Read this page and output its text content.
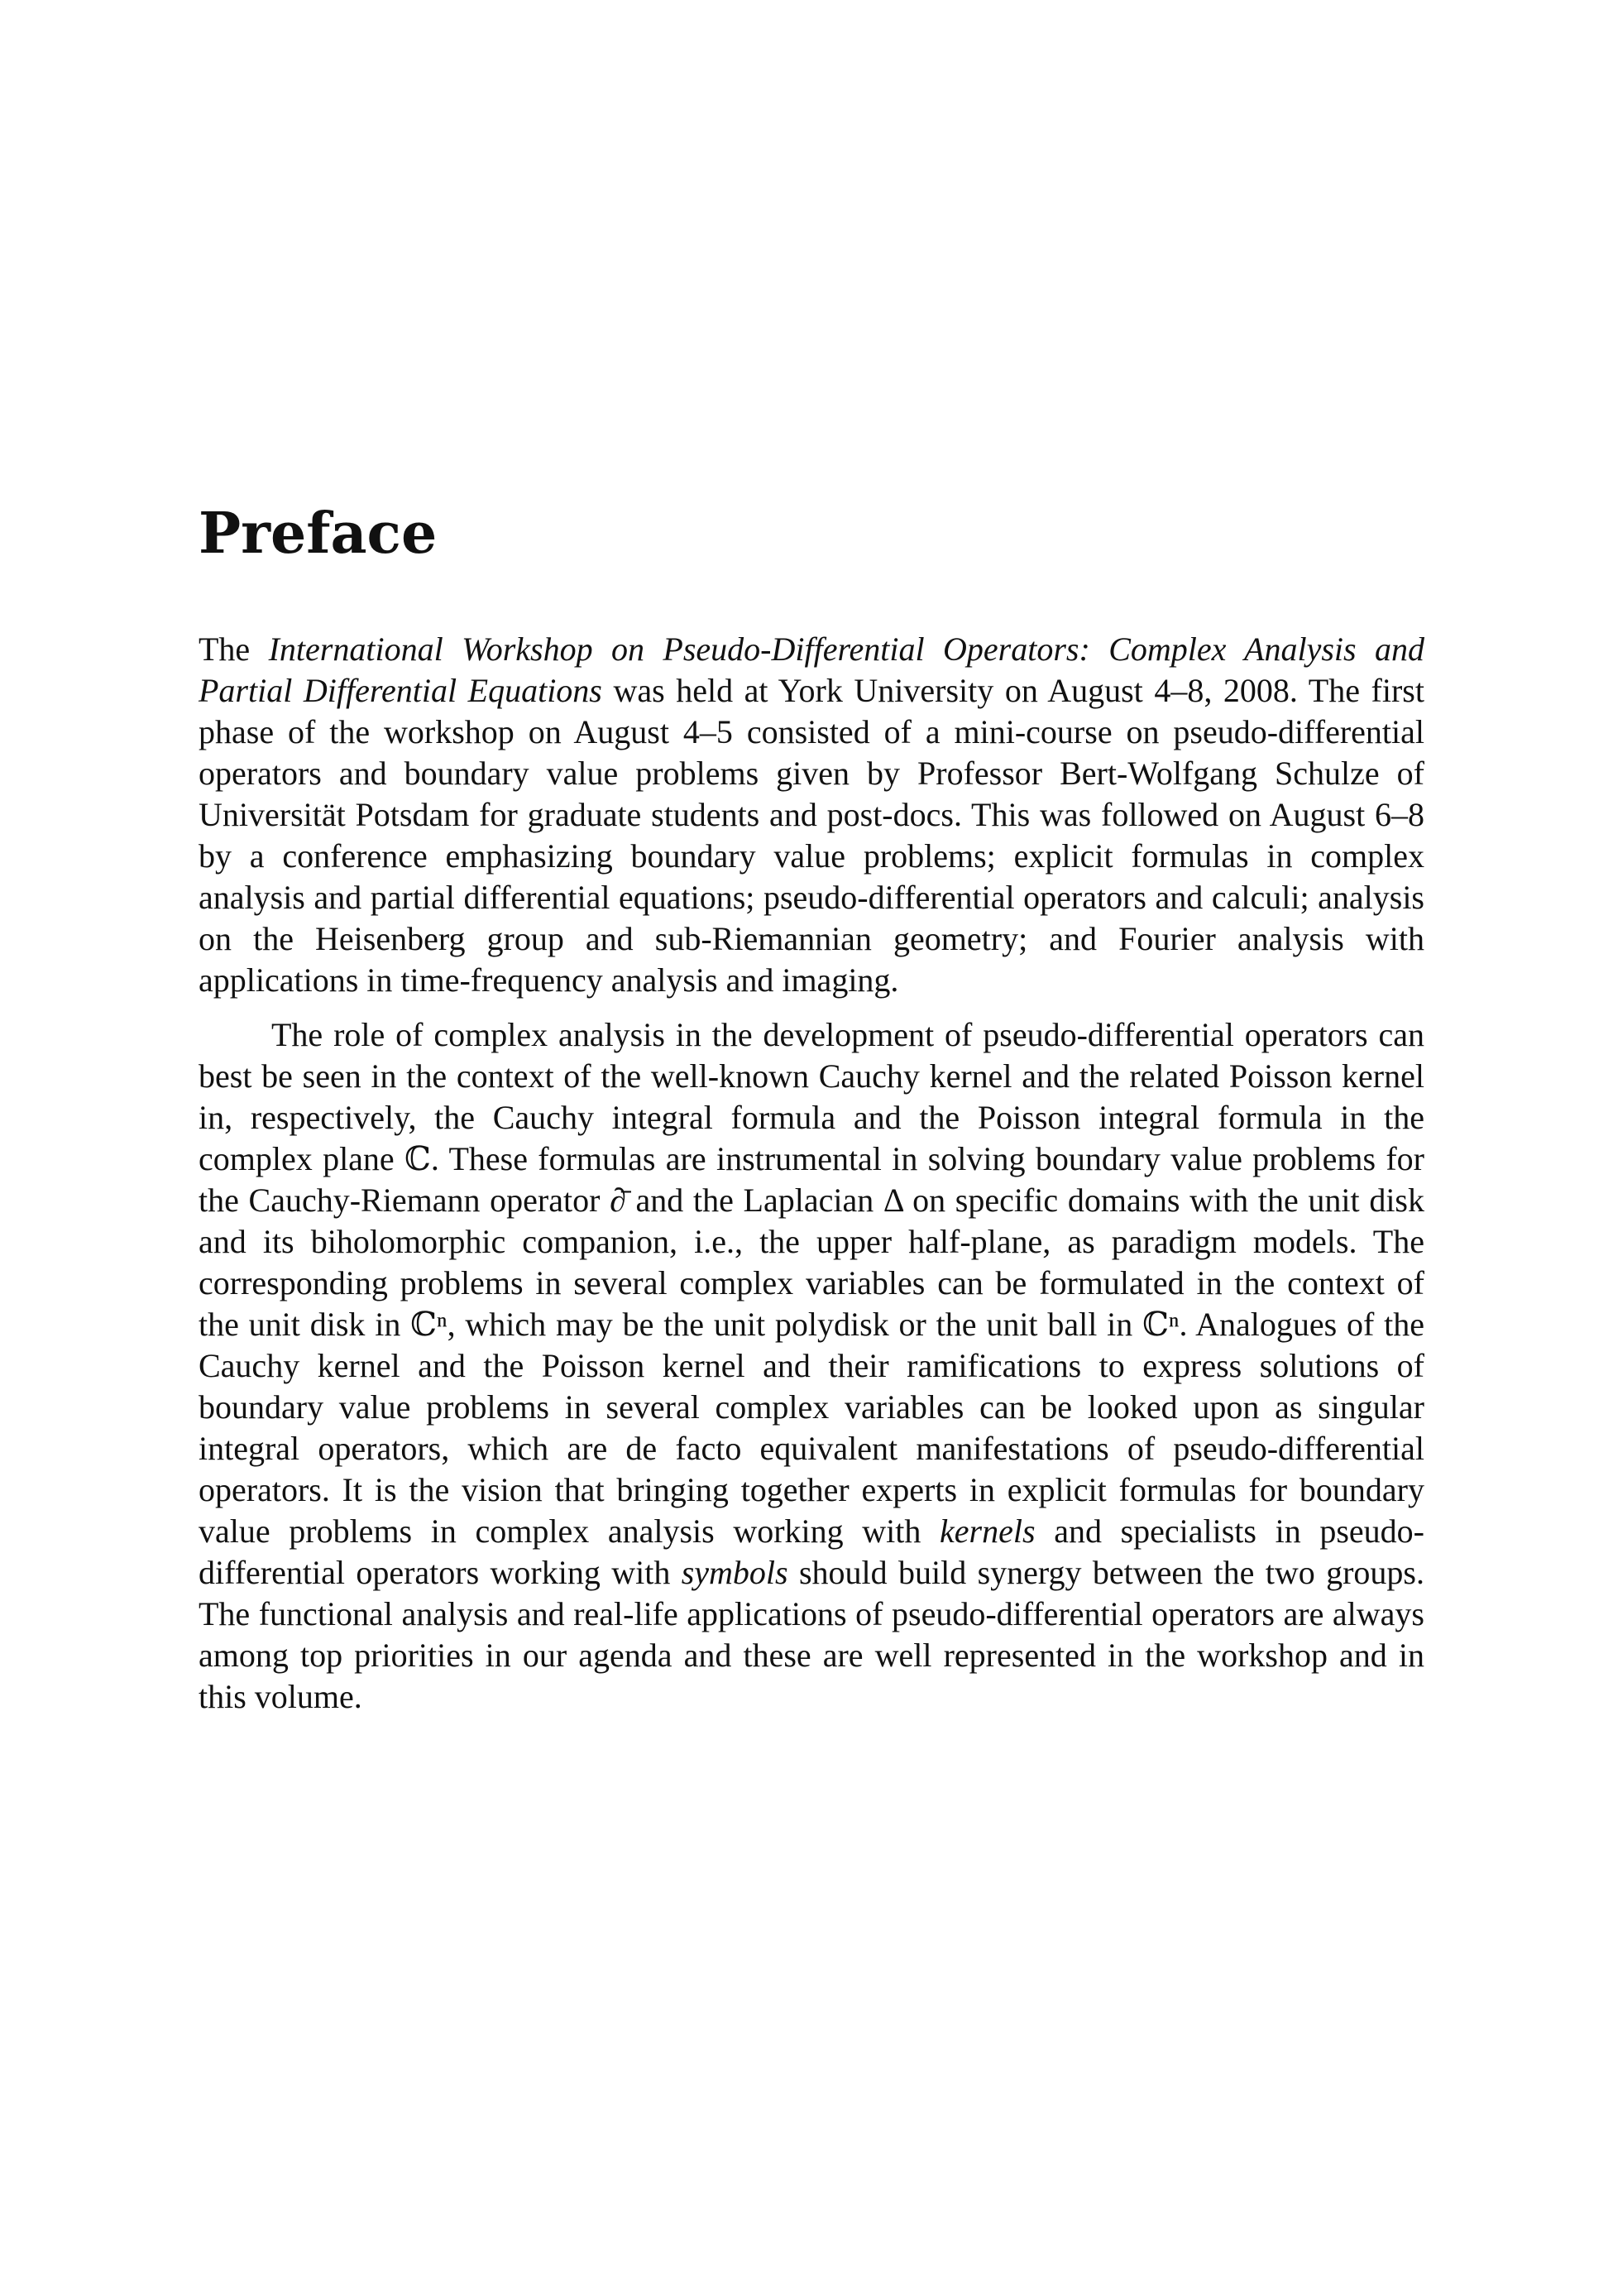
Preface

The International Workshop on Pseudo-Differential Operators: Complex Analysis and Partial Differential Equations was held at York University on August 4–8, 2008. The first phase of the workshop on August 4–5 consisted of a mini-course on pseudo-differential operators and boundary value problems given by Professor Bert-Wolfgang Schulze of Universität Potsdam for graduate students and post-docs. This was followed on August 6–8 by a conference emphasizing boundary value problems; explicit formulas in complex analysis and partial differential equations; pseudo-differential operators and calculi; analysis on the Heisenberg group and sub-Riemannian geometry; and Fourier analysis with applications in time-frequency analysis and imaging.

The role of complex analysis in the development of pseudo-differential operators can best be seen in the context of the well-known Cauchy kernel and the related Poisson kernel in, respectively, the Cauchy integral formula and the Poisson integral formula in the complex plane ℂ. These formulas are instrumental in solving boundary value problems for the Cauchy-Riemann operator ∂̄ and the Laplacian Δ on specific domains with the unit disk and its biholomorphic companion, i.e., the upper half-plane, as paradigm models. The corresponding problems in several complex variables can be formulated in the context of the unit disk in ℂⁿ, which may be the unit polydisk or the unit ball in ℂⁿ. Analogues of the Cauchy kernel and the Poisson kernel and their ramifications to express solutions of boundary value problems in several complex variables can be looked upon as singular integral operators, which are de facto equivalent manifestations of pseudo-differential operators. It is the vision that bringing together experts in explicit formulas for boundary value problems in complex analysis working with kernels and specialists in pseudo-differential operators working with symbols should build synergy between the two groups. The functional analysis and real-life applications of pseudo-differential operators are always among top priorities in our agenda and these are well represented in the workshop and in this volume.
